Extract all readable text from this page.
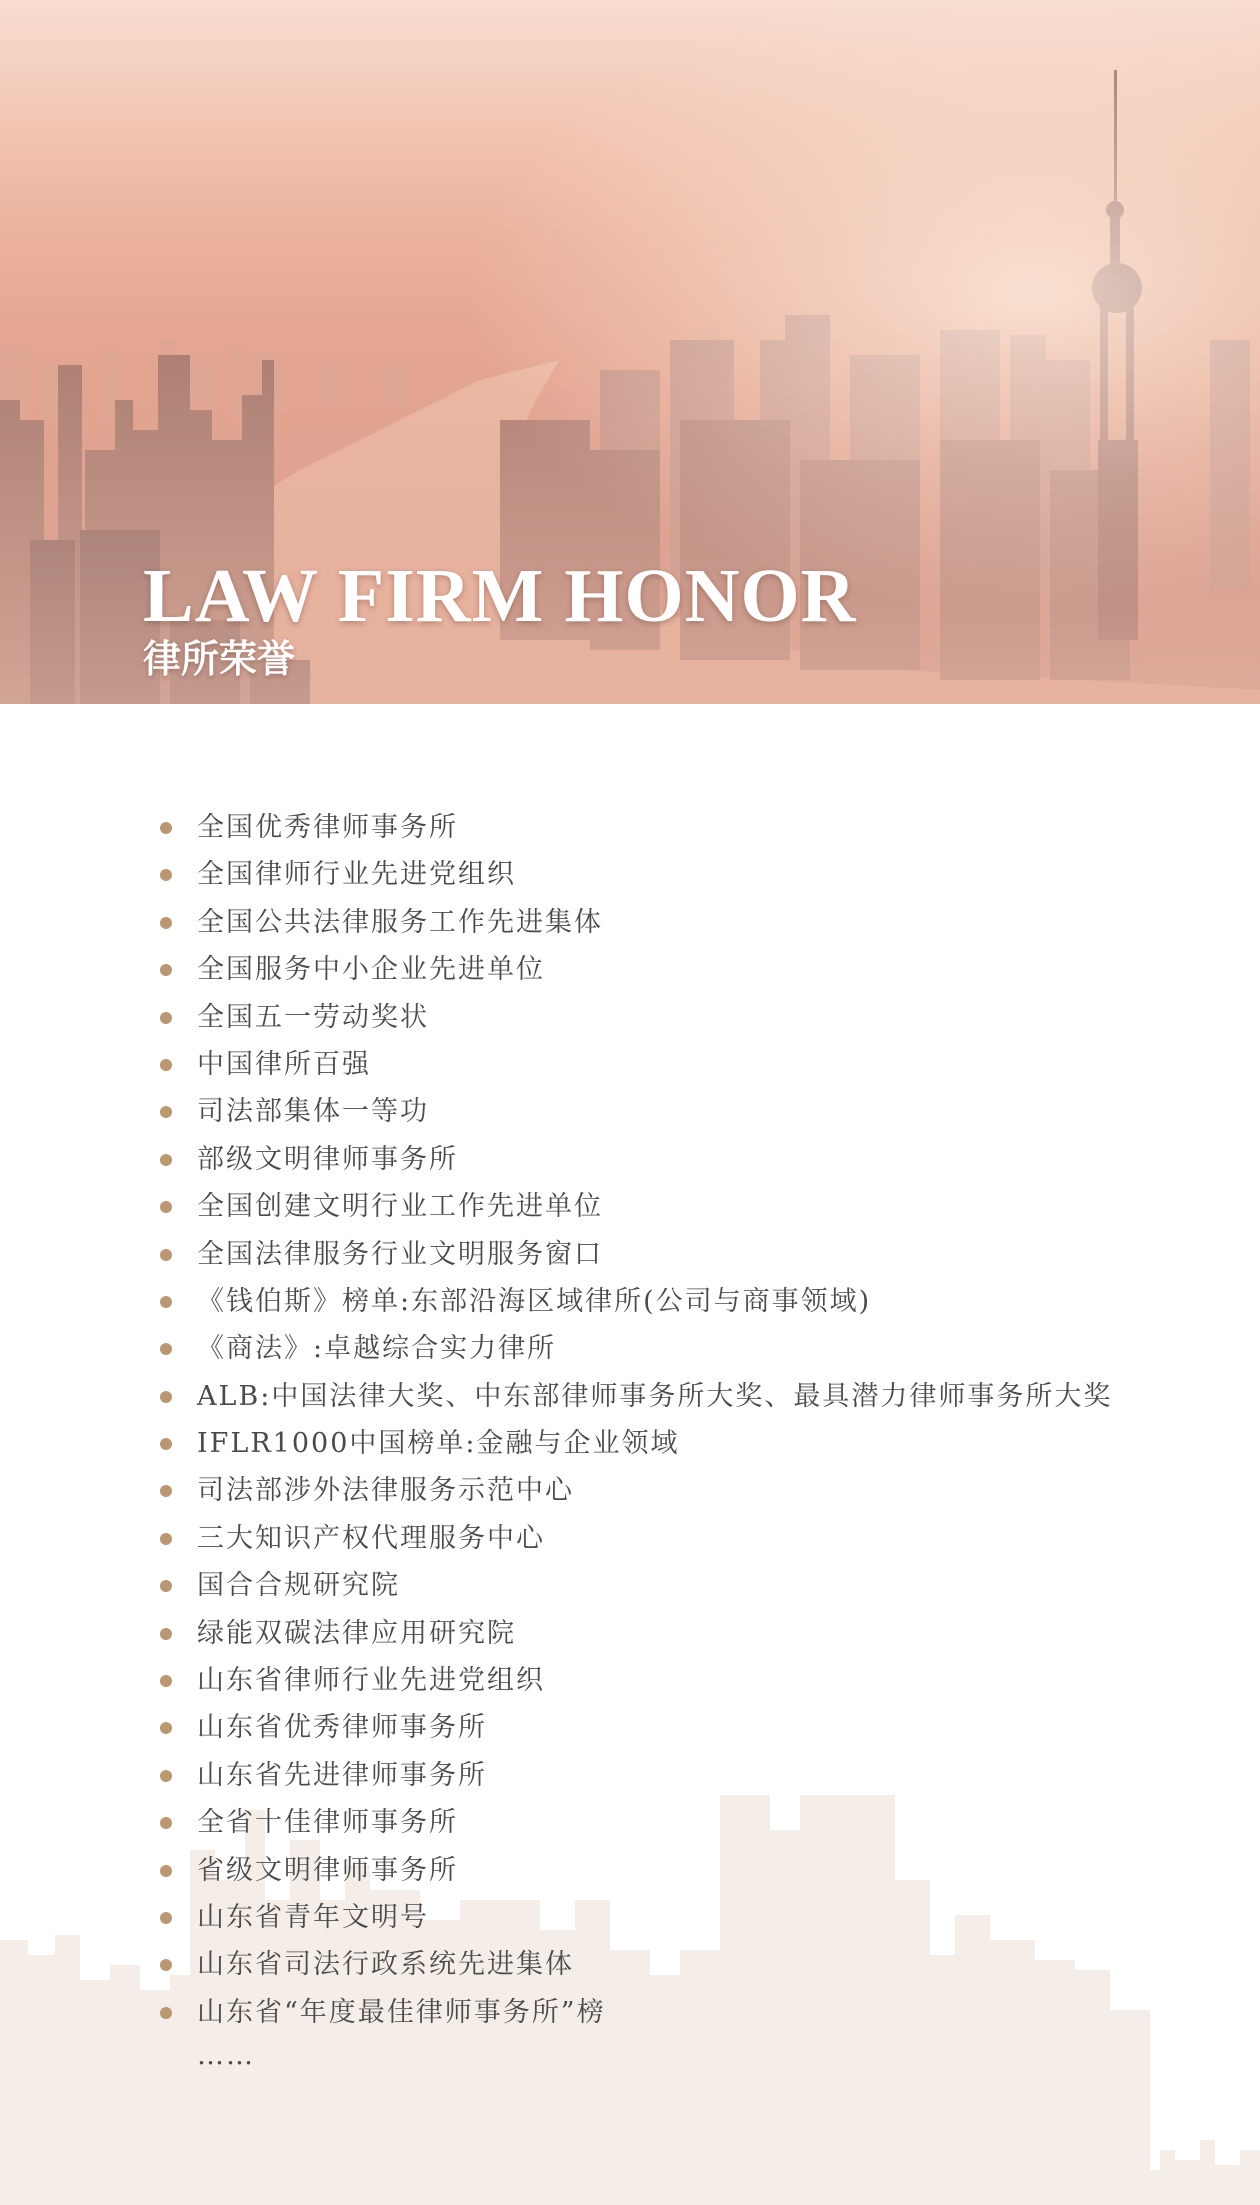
LAW FIRM HONOR
律所荣誉
全国优秀律师事务所
全国律师行业先进党组织
全国公共法律服务工作先进集体
全国服务中小企业先进单位
全国五一劳动奖状
中国律所百强
司法部集体一等功
部级文明律师事务所
全国创建文明行业工作先进单位
全国法律服务行业文明服务窗口
《钱伯斯》榜单:东部沿海区域律所(公司与商事领域)
《商法》:卓越综合实力律所
ALB:中国法律大奖、中东部律师事务所大奖、最具潜力律师事务所大奖
IFLR1000中国榜单:金融与企业领域
司法部涉外法律服务示范中心
三大知识产权代理服务中心
国合合规研究院
绿能双碳法律应用研究院
山东省律师行业先进党组织
山东省优秀律师事务所
山东省先进律师事务所
全省十佳律师事务所
省级文明律师事务所
山东省青年文明号
山东省司法行政系统先进集体
山东省“年度最佳律师事务所”榜
……
